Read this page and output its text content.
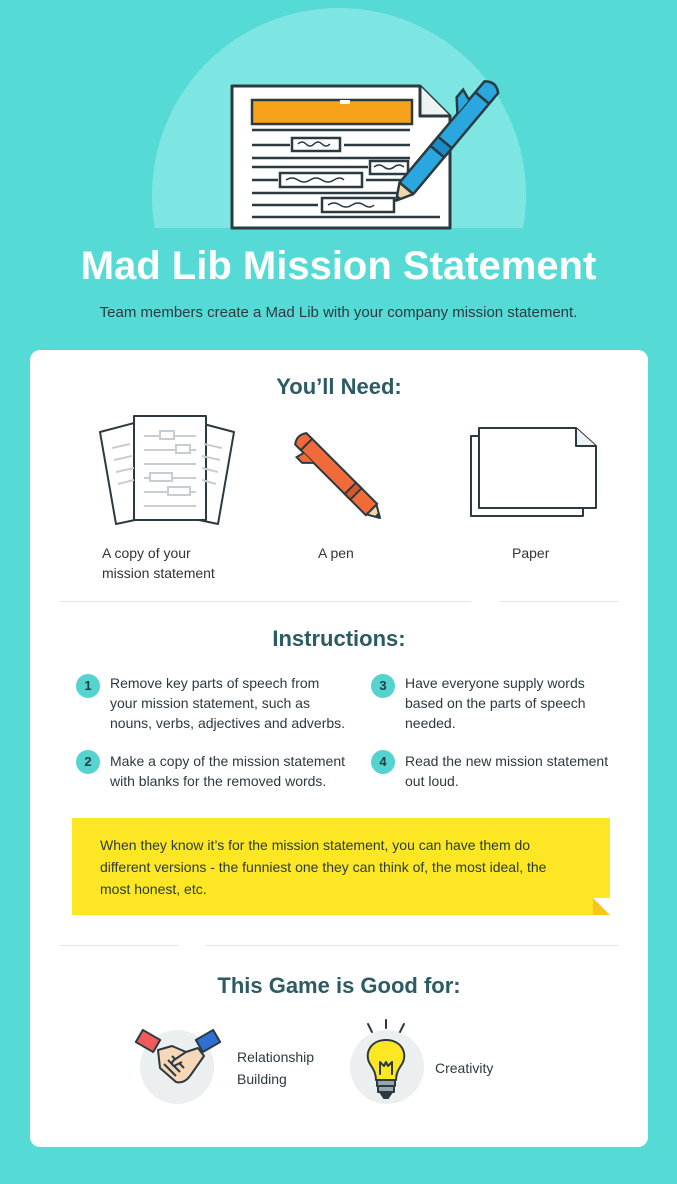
Mad Lib Mission Statement
Team members create a Mad Lib with your company mission statement.
You’ll Need:
A copy of your
mission statement
A pen	Paper
Instructions:
1	Remove key parts of speech from
your mission statement, such as
nouns, verbs, adjectives and adverbs.
2	Make a copy of the mission statement
with blanks for the removed words.
3	Have everyone supply words
based on the parts of speech
needed.
4	Read the new mission statement
out loud.
When they know it’s for the mission statement, you can have them do
different versions - the funniest one they can think of, the most ideal, the
most honest, etc.
This Game is Good for:
Relationship
Building
Creativity
